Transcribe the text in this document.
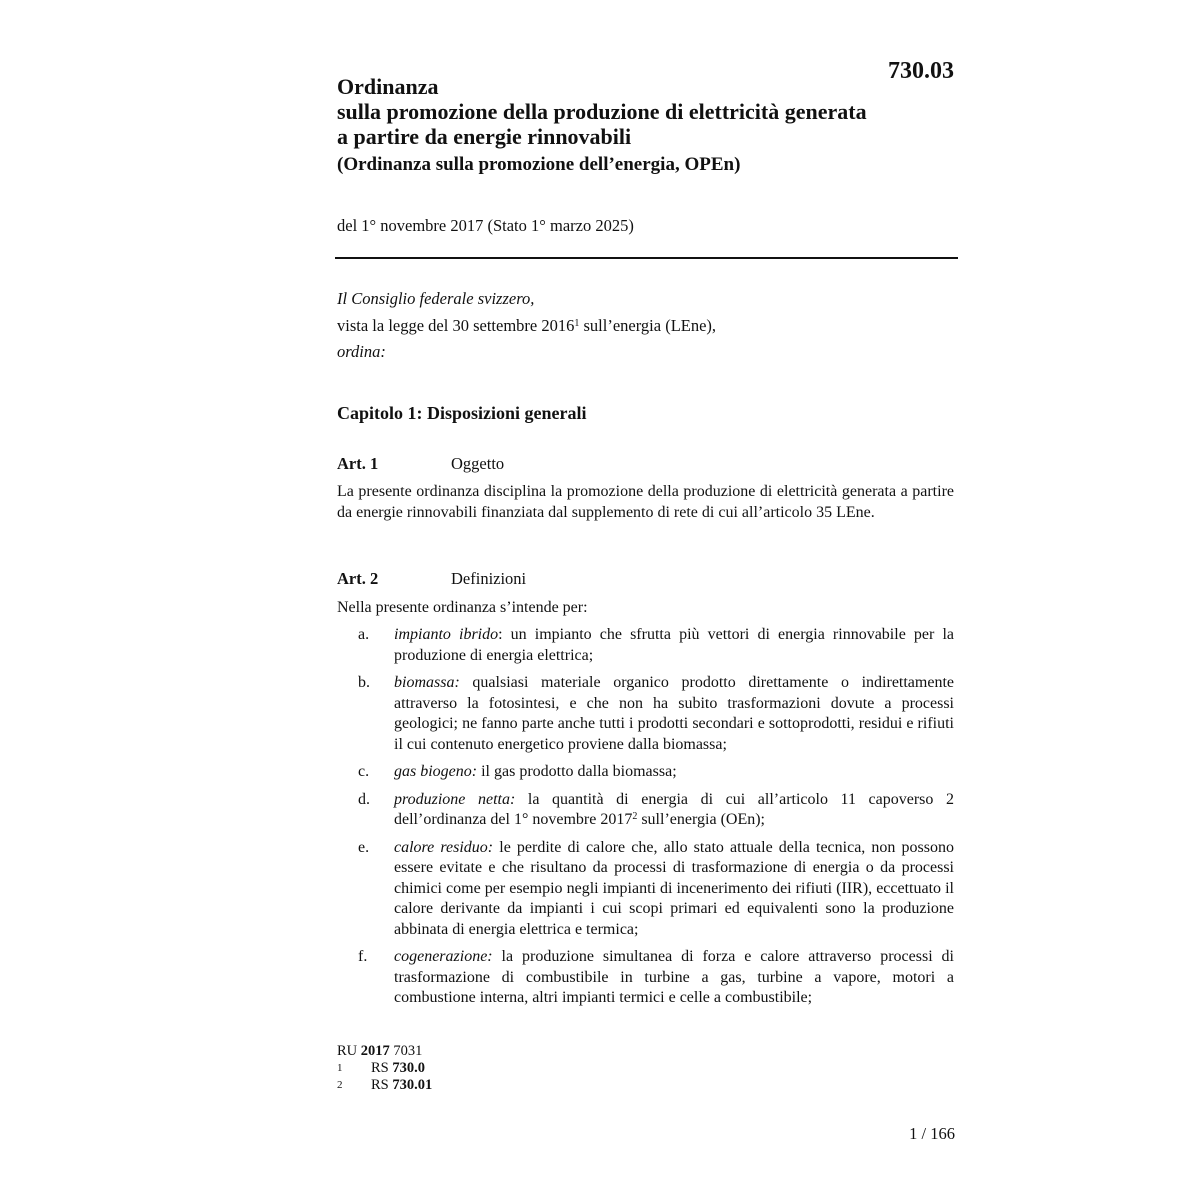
730.03
Ordinanza
sulla promozione della produzione di elettricità generata
a partire da energie rinnovabili
(Ordinanza sulla promozione dell’energia, OPEn)
del 1° novembre 2017 (Stato 1° marzo 2025)
Il Consiglio federale svizzero,
vista la legge del 30 settembre 2016$^1$ sull’energia (LEne),
ordina:
Capitolo 1: Disposizioni generali
Art. 1	Oggetto
La presente ordinanza disciplina la promozione della produzione di elettricità generata a partire da energie rinnovabili finanziata dal supplemento di rete di cui all’articolo 35 LEne.
Art. 2	Definizioni
Nella presente ordinanza s’intende per:
a.	impianto ibrido: un impianto che sfrutta più vettori di energia rinnovabile per la produzione di energia elettrica;
b.	biomassa: qualsiasi materiale organico prodotto direttamente o indirettamente attraverso la fotosintesi, e che non ha subito trasformazioni dovute a processi geologici; ne fanno parte anche tutti i prodotti secondari e sottoprodotti, residui e rifiuti il cui contenuto energetico proviene dalla biomassa;
c.	gas biogeno: il gas prodotto dalla biomassa;
d.	produzione netta: la quantità di energia di cui all’articolo 11 capoverso 2 dell’ordinanza del 1° novembre 2017$^2$ sull’energia (OEn);
e.	calore residuo: le perdite di calore che, allo stato attuale della tecnica, non possono essere evitate e che risultano da processi di trasformazione di energia o da processi chimici come per esempio negli impianti di incenerimento dei rifiuti (IIR), eccettuato il calore derivante da impianti i cui scopi primari ed equivalenti sono la produzione abbinata di energia elettrica e termica;
f.	cogenerazione: la produzione simultanea di forza e calore attraverso processi di trasformazione di combustibile in turbine a gas, turbine a vapore, motori a combustione interna, altri impianti termici e celle a combustibile;
RU 2017 7031
1	RS 730.0
2	RS 730.01
1 / 166
